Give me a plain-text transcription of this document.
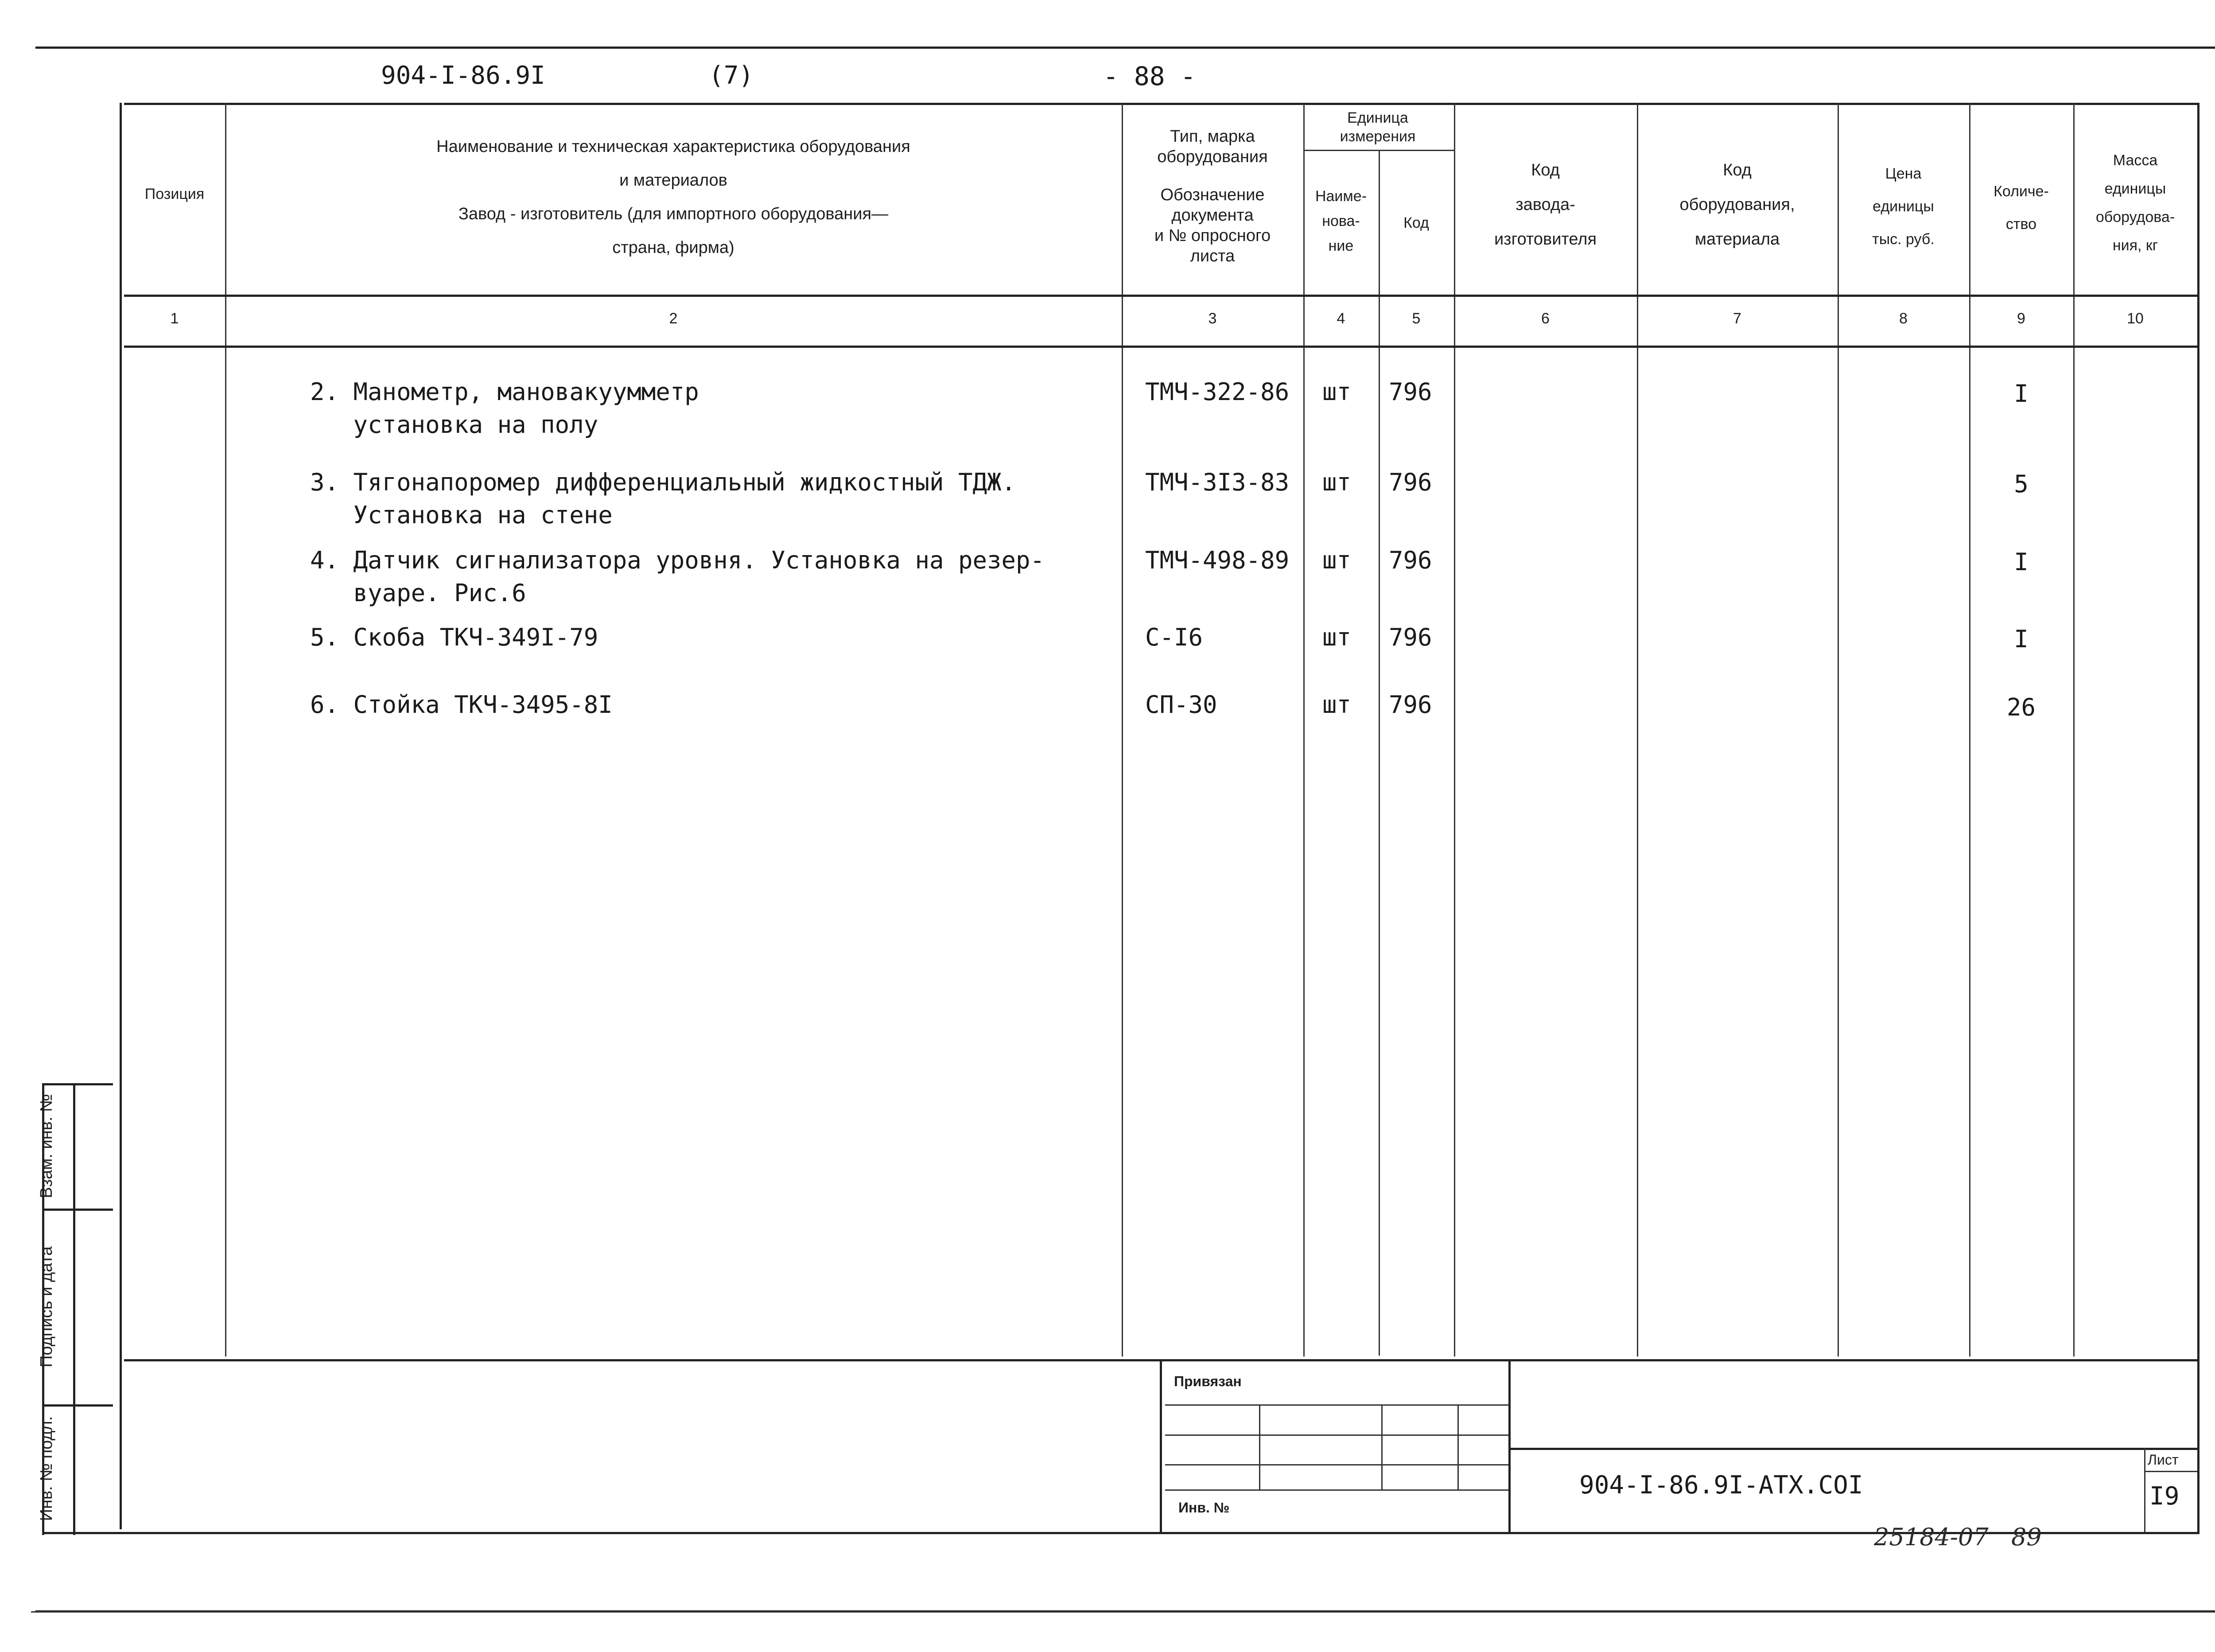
904-I-86.9I	(7)	- 88 -
Позиция
Наименование и техническая характеристика оборудования
и материалов
Завод - изготовитель (для импортного оборудования—
страна, фирма)
Тип, марка
оборудования
Обозначение
документа
и № опросного
листа
Единица измерения
Наиме-
нова-
ние
Код
Код
завода-
изготовителя
Код
оборудования,
материала
Цена
единицы
тыс. руб.
Количе-
ство
Масса
единицы
оборудова-
ния, кг
1	2	3	4	5	6	7	8	9	10
2. Манометр, мановакуумметр
установка на полу
ТМЧ-322-86 шт 796	I
3. Тягонапоромер дифференциальный жидкостный ТДЖ.
Установка на стене
ТМЧ-3I3-83 шт 796	5
4. Датчик сигнализатора уровня. Установка на резер-
вуаре. Рис.6
ТМЧ-498-89 шт 796	I
5. Скоба ТКЧ-349I-79	С-I6	шт 796	I
6. Стойка ТКЧ-3495-8I	СП-30	шт 796	26
Привязан
Инв. №
904-I-86.9I-АТХ.COI
Лист
I9
Взам. инв. №
Подпись и дата
Инв. № подл.
25184-07 89
